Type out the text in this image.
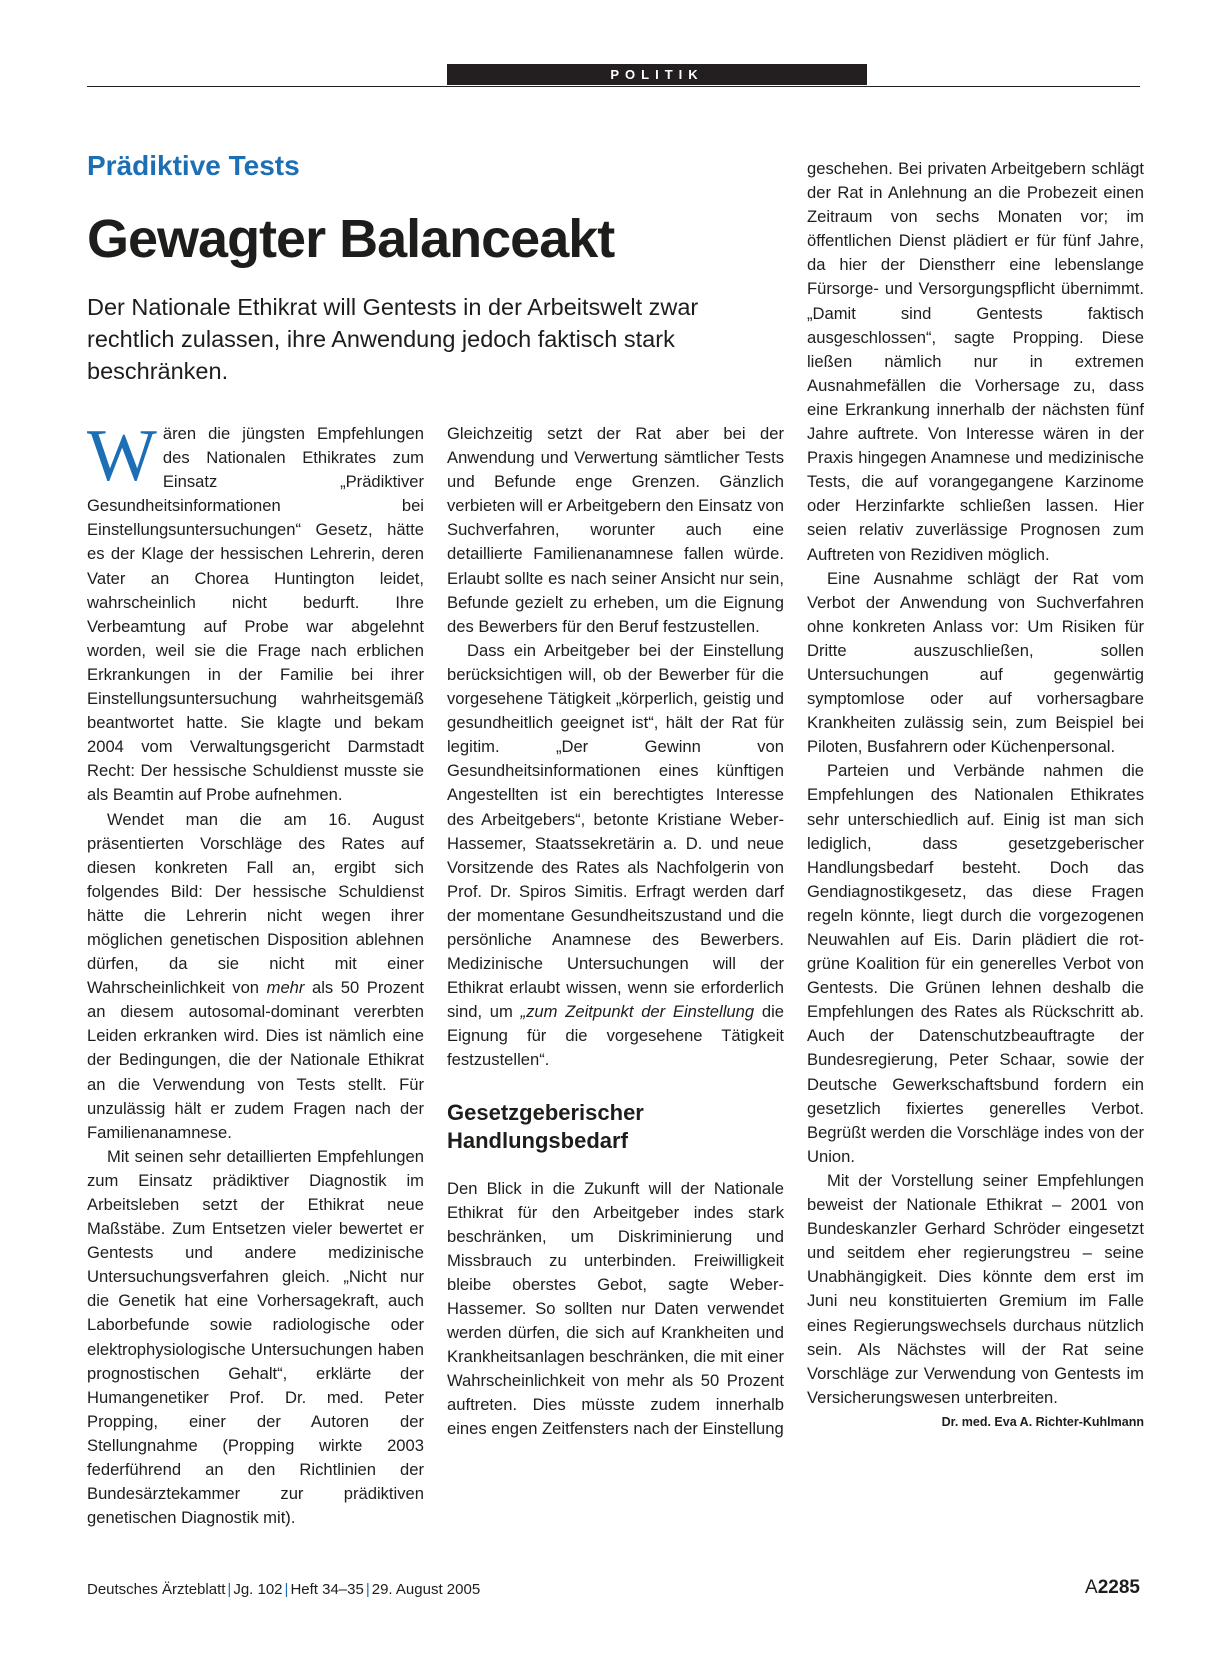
POLITIK
Prädiktive Tests
Gewagter Balanceakt

Der Nationale Ethikrat will Gentests in der Arbeitswelt zwar rechtlich zulassen, ihre Anwendung jedoch faktisch stark beschränken.

Wären die jüngsten Empfehlungen des Nationalen Ethikrates zum Einsatz „Prädiktiver Gesundheitsinformationen bei Einstellungsuntersuchungen“ Gesetz, hätte es der Klage der hessischen Lehrerin, deren Vater an Chorea Huntington leidet, wahrscheinlich nicht bedurft. Ihre Verbeamtung auf Probe war abgelehnt worden, weil sie die Frage nach erblichen Erkrankungen in der Familie bei ihrer Einstellungsuntersuchung wahrheitsgemäß beantwortet hatte. Sie klagte und bekam 2004 vom Verwaltungsgericht Darmstadt Recht: Der hessische Schuldienst musste sie als Beamtin auf Probe aufnehmen.

Wendet man die am 16. August präsentierten Vorschläge des Rates auf diesen konkreten Fall an, ergibt sich folgendes Bild: Der hessische Schuldienst hätte die Lehrerin nicht wegen ihrer möglichen genetischen Disposition ablehnen dürfen, da sie nicht mit einer Wahrscheinlichkeit von mehr als 50 Prozent an diesem autosomal-dominant vererbten Leiden erkranken wird. Dies ist nämlich eine der Bedingungen, die der Nationale Ethikrat an die Verwendung von Tests stellt. Für unzulässig hält er zudem Fragen nach der Familienanamnese.

Mit seinen sehr detaillierten Empfehlungen zum Einsatz prädiktiver Diagnostik im Arbeitsleben setzt der Ethikrat neue Maßstäbe. Zum Entsetzen vieler bewertet er Gentests und andere medizinische Untersuchungsverfahren gleich. „Nicht nur die Genetik hat eine Vorhersagekraft, auch Laborbefunde sowie radiologische oder elektrophysiologische Untersuchungen haben prognostischen Gehalt“, erklärte der Humangenetiker Prof. Dr. med. Peter Propping, einer der Autoren der Stellungnahme (Propping wirkte 2003 federführend an den Richtlinien der Bundesärztekammer zur prädiktiven genetischen Diagnostik mit).

Gleichzeitig setzt der Rat aber bei der Anwendung und Verwertung sämtlicher Tests und Befunde enge Grenzen. Gänzlich verbieten will er Arbeitgebern den Einsatz von Suchverfahren, worunter auch eine detaillierte Familienanamnese fallen würde. Erlaubt sollte es nach seiner Ansicht nur sein, Befunde gezielt zu erheben, um die Eignung des Bewerbers für den Beruf festzustellen.

Dass ein Arbeitgeber bei der Einstellung berücksichtigen will, ob der Bewerber für die vorgesehene Tätigkeit „körperlich, geistig und gesundheitlich geeignet ist“, hält der Rat für legitim. „Der Gewinn von Gesundheitsinformationen eines künftigen Angestellten ist ein berechtigtes Interesse des Arbeitgebers“, betonte Kristiane Weber-Hassemer, Staatssekretärin a. D. und neue Vorsitzende des Rates als Nachfolgerin von Prof. Dr. Spiros Simitis. Erfragt werden darf der momentane Gesundheitszustand und die persönliche Anamnese des Bewerbers. Medizinische Untersuchungen will der Ethikrat erlaubt wissen, wenn sie erforderlich sind, um „zum Zeitpunkt der Einstellung die Eignung für die vorgesehene Tätigkeit festzustellen“.

Gesetzgeberischer Handlungsbedarf

Den Blick in die Zukunft will der Nationale Ethikrat für den Arbeitgeber indes stark beschränken, um Diskriminierung und Missbrauch zu unterbinden. Freiwilligkeit bleibe oberstes Gebot, sagte Weber-Hassemer. So sollten nur Daten verwendet werden dürfen, die sich auf Krankheiten und Krankheitsanlagen beschränken, die mit einer Wahrscheinlichkeit von mehr als 50 Prozent auftreten. Dies müsste zudem innerhalb eines engen Zeitfensters nach der Einstellung

geschehen. Bei privaten Arbeitgebern schlägt der Rat in Anlehnung an die Probezeit einen Zeitraum von sechs Monaten vor; im öffentlichen Dienst plädiert er für fünf Jahre, da hier der Dienstherr eine lebenslange Fürsorge- und Versorgungspflicht übernimmt. „Damit sind Gentests faktisch ausgeschlossen“, sagte Propping. Diese ließen nämlich nur in extremen Ausnahmefällen die Vorhersage zu, dass eine Erkrankung innerhalb der nächsten fünf Jahre auftrete. Von Interesse wären in der Praxis hingegen Anamnese und medizinische Tests, die auf vorangegangene Karzinome oder Herzinfarkte schließen lassen. Hier seien relativ zuverlässige Prognosen zum Auftreten von Rezidiven möglich.

Eine Ausnahme schlägt der Rat vom Verbot der Anwendung von Suchverfahren ohne konkreten Anlass vor: Um Risiken für Dritte auszuschließen, sollen Untersuchungen auf gegenwärtig symptomlose oder auf vorhersagbare Krankheiten zulässig sein, zum Beispiel bei Piloten, Busfahrern oder Küchenpersonal.

Parteien und Verbände nahmen die Empfehlungen des Nationalen Ethikrates sehr unterschiedlich auf. Einig ist man sich lediglich, dass gesetzgeberischer Handlungsbedarf besteht. Doch das Gendiagnostikgesetz, das diese Fragen regeln könnte, liegt durch die vorgezogenen Neuwahlen auf Eis. Darin plädiert die rot-grüne Koalition für ein generelles Verbot von Gentests. Die Grünen lehnen deshalb die Empfehlungen des Rates als Rückschritt ab. Auch der Datenschutzbeauftragte der Bundesregierung, Peter Schaar, sowie der Deutsche Gewerkschaftsbund fordern ein gesetzlich fixiertes generelles Verbot. Begrüßt werden die Vorschläge indes von der Union.

Mit der Vorstellung seiner Empfehlungen beweist der Nationale Ethikrat – 2001 von Bundeskanzler Gerhard Schröder eingesetzt und seitdem eher regierungstreu – seine Unabhängigkeit. Dies könnte dem erst im Juni neu konstituierten Gremium im Falle eines Regierungswechsels durchaus nützlich sein. Als Nächstes will der Rat seine Vorschläge zur Verwendung von Gentests im Versicherungswesen unterbreiten.
Dr. med. Eva A. Richter-Kuhlmann

Deutsches Ärzteblatt | Jg. 102 | Heft 34–35 | 29. August 2005	A2285
